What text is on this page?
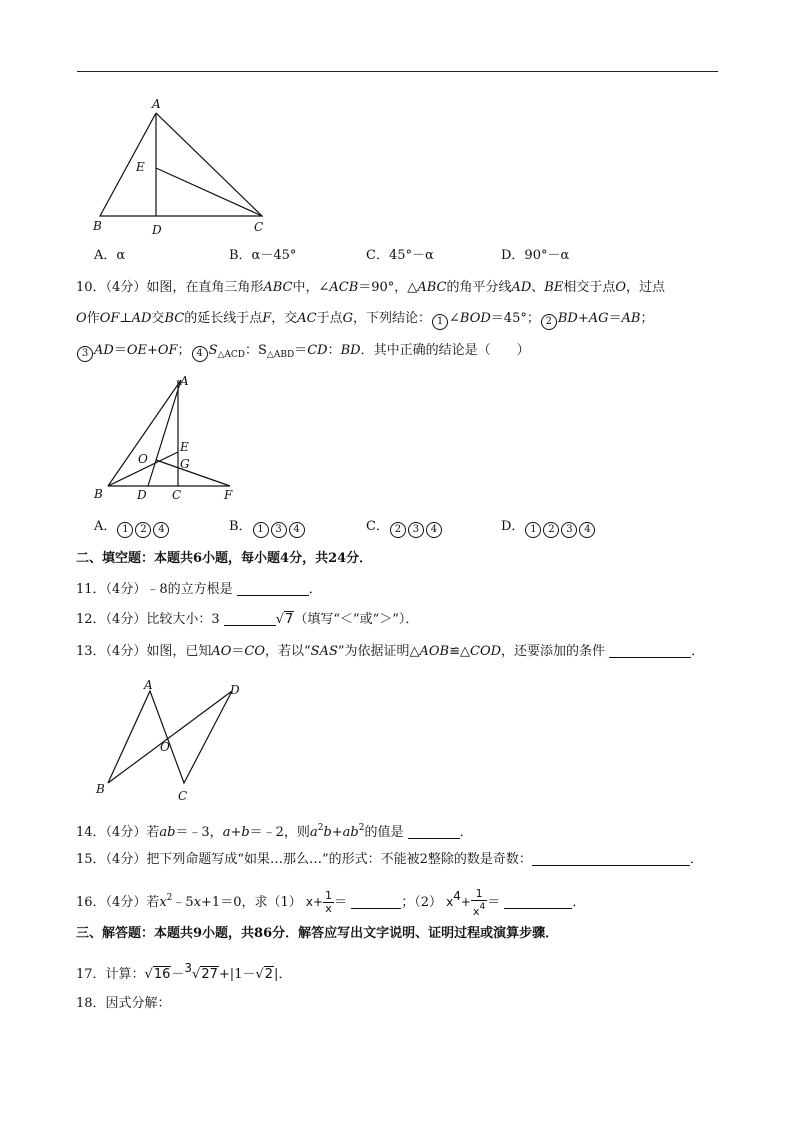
A
E
B	D	C
A．α	B．α－45°	C．45°－α	D．90°－α
10．（4分）如图，在直角三角形ABC中，∠ACB＝90°，△ABC的角平分线AD、BE相交于点O，过点
O作OF⊥AD交BC的延长线于点F，交AC于点G，下列结论： 1 ∠BOD＝45°； 2 BD+AG＝AB；
3 AD＝OE+OF； 4 $S_{\triangle ACD}$：$S_{\triangle ABD}=CD$：BD．其中正确的结论是（　　）
A
E
O	G
B	D C	F
A． 1 2 4	B． 1 3 4	C． 2 3 4	D． 1 2 3 4
二、填空题：本题共6小题，每小题4分，共24分．
11．（4分）﹣8的立方根是	．
12．（4分）比较大小：3	√7（填写“＜”或“＞”）．
13．（4分）如图，已知AO＝CO，若以“SAS”为依据证明△AOB≌△COD，还要添加的条件	．
A	D
O
B	C
14．（4分）若ab＝﹣3，a+b＝﹣2，则$a^2b+ab^2$的值是	．
15．（4分）把下列命题写成“如果…那么…”的形式：不能被2整除的数是奇数：	．
16．（4分）若$x^2﹣5x+1=0$，求（1） $x+ \frac{1}{x}$ ＝	；（2） $x4+ \frac{1}{x^4}$ ＝	．
三、解答题：本题共9小题，共86分．解答应写出文字说明、证明过程或演算步骤．
17．计算：√16－3√27+|1－√2|．
18．因式分解：
